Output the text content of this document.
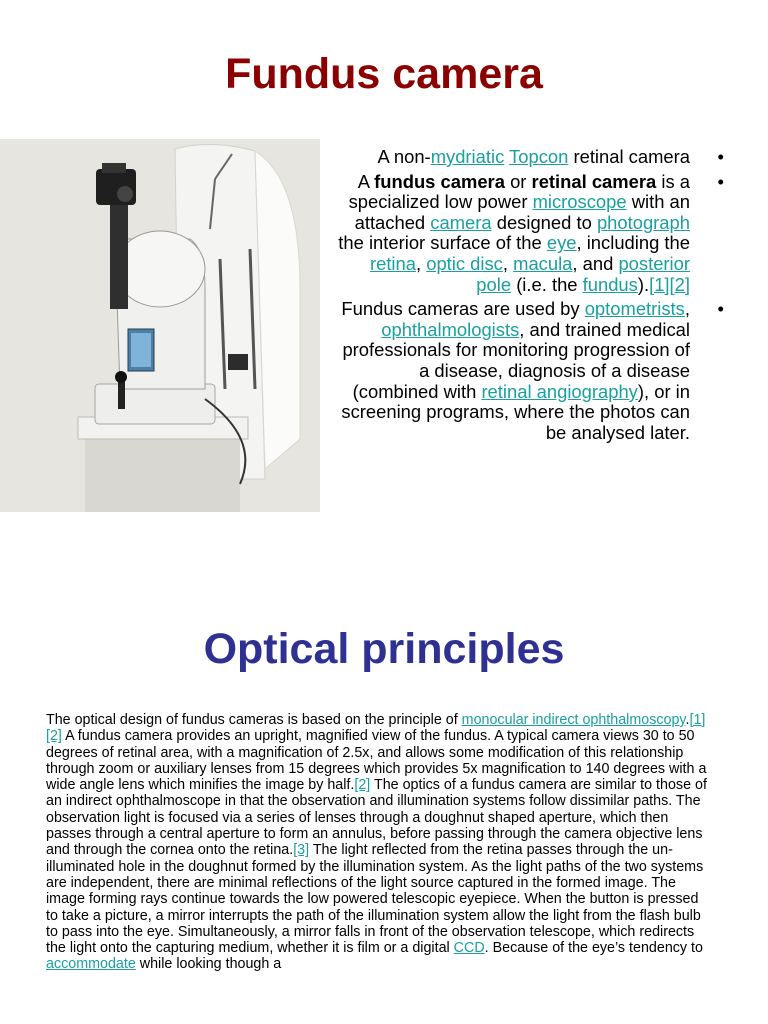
Fundus camera
A non-mydriatic Topcon retinal camera •
A fundus camera or retinal camera is a specialized low power microscope with an attached camera designed to photograph the interior surface of the eye, including the retina, optic disc, macula, and posterior pole (i.e. the fundus).[1][2]
•
Fundus cameras are used by optometrists, ophthalmologists, and trained medical professionals for monitoring progression of a disease, diagnosis of a disease (combined with retinal angiography), or in screening programs, where the photos can be analysed later.
•
Optical principles

The optical design of fundus cameras is based on the principle of monocular indirect ophthalmoscopy.[1][2] A fundus camera provides an upright, magnified view of the fundus. A typical camera views 30 to 50 degrees of retinal area, with a magnification of 2.5x, and allows some modification of this relationship through zoom or auxiliary lenses from 15 degrees which provides 5x magnification to 140 degrees with a wide angle lens which minifies the image by half.[2] The optics of a fundus camera are similar to those of an indirect ophthalmoscope in that the observation and illumination systems follow dissimilar paths. The observation light is focused via a series of lenses through a doughnut shaped aperture, which then passes through a central aperture to form an annulus, before passing through the camera objective lens and through the cornea onto the retina.[3] The light reflected from the retina passes through the un-illuminated hole in the doughnut formed by the illumination system. As the light paths of the two systems are independent, there are minimal reflections of the light source captured in the formed image. The image forming rays continue towards the low powered telescopic eyepiece. When the button is pressed to take a picture, a mirror interrupts the path of the illumination system allow the light from the flash bulb to pass into the eye. Simultaneously, a mirror falls in front of the observation telescope, which redirects the light onto the capturing medium, whether it is film or a digital CCD. Because of the eye’s tendency to accommodate while looking though a
